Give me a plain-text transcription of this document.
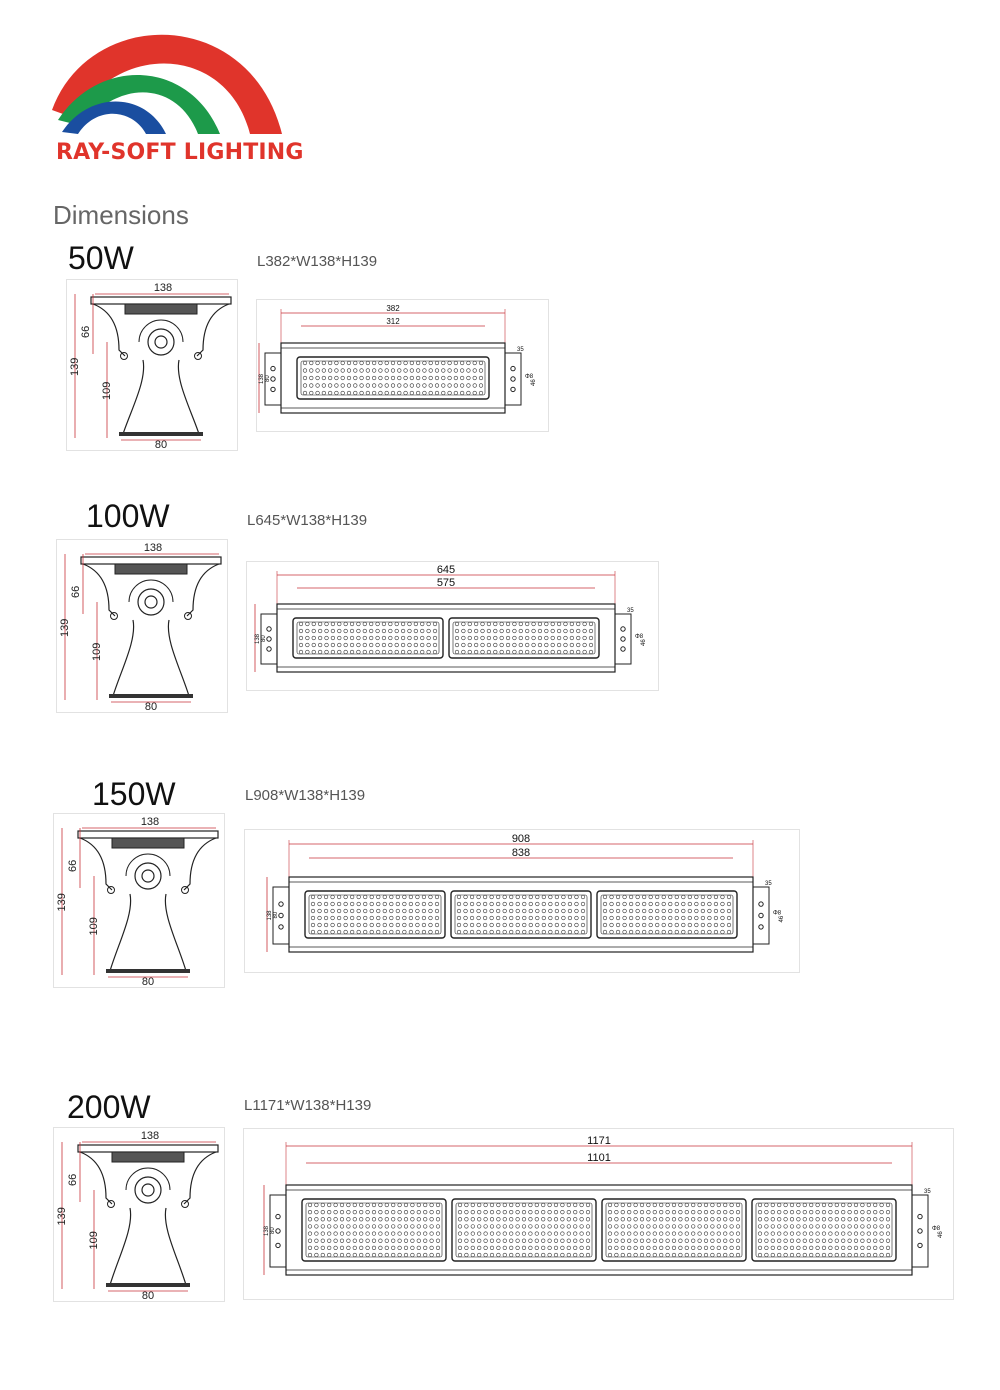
RAY-SOFT LIGHTING
Dimensions
50W	L382*W138*H139
138
80
139
66
109
382
312
138 80
35
Φ8
46
100W	L645*W138*H139
138
80
139
66
109
645
575
138 80
35
Φ8
46
150W	L908*W138*H139
138
80
139
66
109
908
838
138 80
35
Φ8
46
200W	L1171*W138*H139
138
80
139
66
109
1171
1101
138 80
35
Φ8
46
